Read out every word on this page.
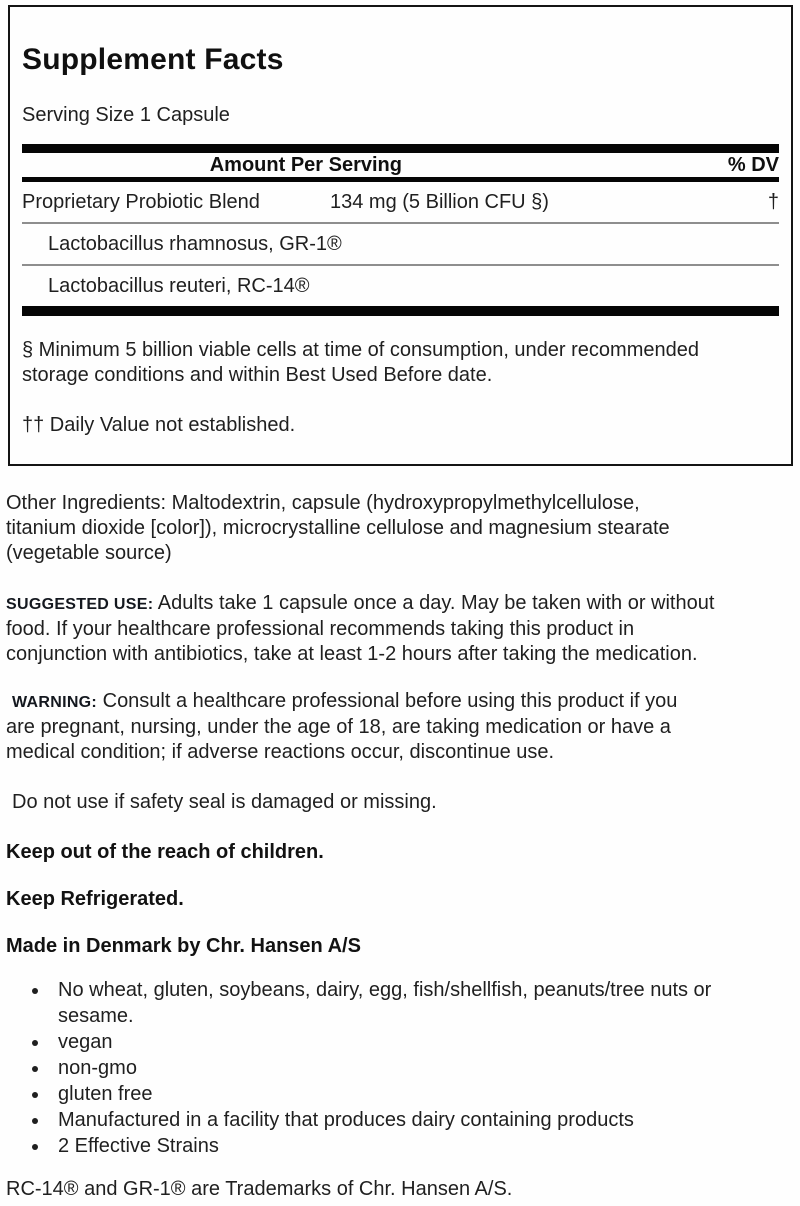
Supplement Facts
Serving Size 1 Capsule
Amount Per Serving	% DV
Proprietary Probiotic Blend	134 mg (5 Billion CFU §)	†
Lactobacillus rhamnosus, GR-1®
Lactobacillus reuteri, RC-14®
§ Minimum 5 billion viable cells at time of consumption, under recommended
storage conditions and within Best Used Before date.
†† Daily Value not established.
Other Ingredients: Maltodextrin, capsule (hydroxypropylmethylcellulose,
titanium dioxide [color]), microcrystalline cellulose and magnesium stearate
(vegetable source)
SUGGESTED USE: Adults take 1 capsule once a day. May be taken with or without
food. If your healthcare professional recommends taking this product in
conjunction with antibiotics, take at least 1-2 hours after taking the medication.
WARNING: Consult a healthcare professional before using this product if you
are pregnant, nursing, under the age of 18, are taking medication or have a
medical condition; if adverse reactions occur, discontinue use.
Do not use if safety seal is damaged or missing.
Keep out of the reach of children.
Keep Refrigerated.
Made in Denmark by Chr. Hansen A/S
• No wheat, gluten, soybeans, dairy, egg, fish/shellfish, peanuts/tree nuts or
sesame.
• vegan
• non-gmo
• gluten free
• Manufactured in a facility that produces dairy containing products
• 2 Effective Strains
RC-14® and GR-1® are Trademarks of Chr. Hansen A/S.
